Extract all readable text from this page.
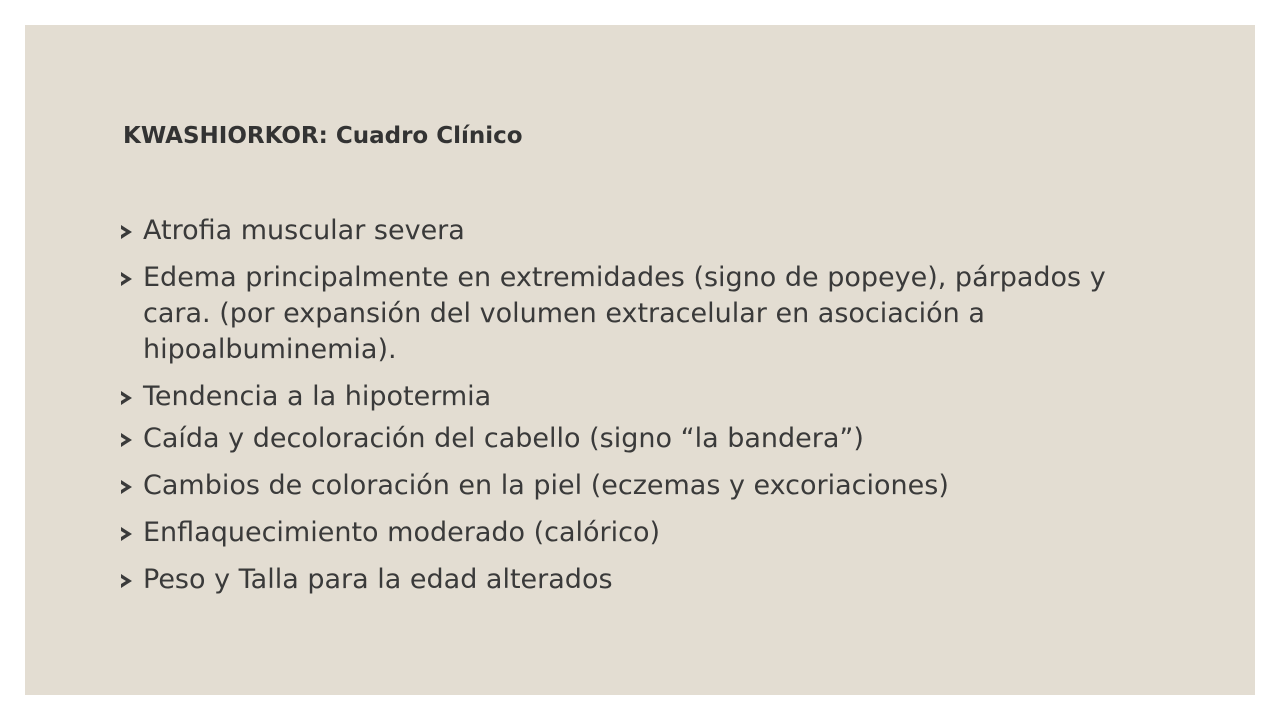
KWASHIORKOR: Cuadro Clínico
Atrofia muscular severa
Edema principalmente en extremidades (signo de popeye), párpados y cara. (por expansión del volumen extracelular en asociación a hipoalbuminemia).
Tendencia a la hipotermia
Caída y decoloración del cabello (signo “la bandera”)
Cambios de coloración en la piel (eczemas y excoriaciones)
Enflaquecimiento moderado (calórico)
Peso y Talla para la edad alterados
